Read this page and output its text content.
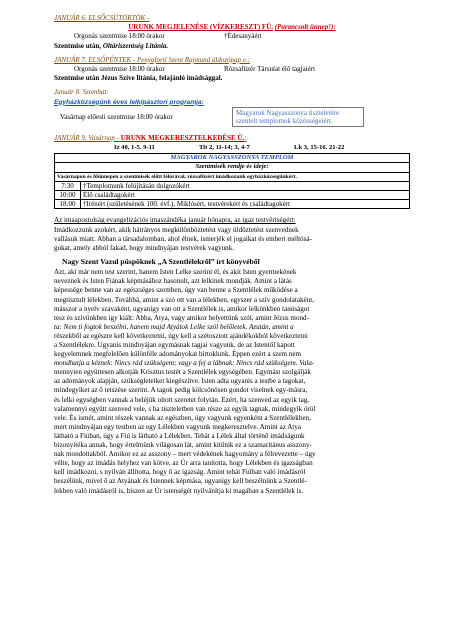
JANUÁR 6. ELSŐCSÜTÖRTÖK -
URUNK MEGJELENÉSE (VÍZKERESZT) FÜ. (Parancsolt ünnep!):
Orgonás szentmise 18:00 órakor	†Édesanyáért
Szentmise után, Oltáriszentség Litánia.
JANUÁR 7. ELSŐPÉNTEK - Penyafortí Szent Rajmund áldozópap e.:
Orgonás szentmise 18:00 órakor	Rózsafüzér Társulat élő tagjaiért
Szentmise után Jézus Szíve litánia, felajánló imádsággal.
Január 8. Szombat:
Egyházközségünk éves lelkipásztori programja:
Vasárnap előesti szentmise 18:00 órakor	Magyarok Nagyasszonya tiszteletére szentelt templomok közösségeiért.
JANUÁR 9. Vasárnap - URUNK MEGKERESZTELKEDÉSE Ü.:
Iz 40, 1-5. 9-11	Tit 2, 11-14; 3, 4-7	Lk 3, 15-16. 21-22
MAGYAROK NAGYASSZONYA TEMPLOM	
Szentmisék rendje és ideje:	
Vasárnapon és főünnepen a szentmisék előtt félórával, rózsafüzért imádkozunk egyházközségünkért.	
7:30	†Templomunk felújításán dolgozókért
10:00	Élő családtagokért
18:00	†Irénért (születésének 100. évf.), Miklósért, testvérekért és családtagokért
Az imaapostolság evangelizációs imaszándéka január hónapra, az igaz testvériségért:
Imádkozzunk azokért, akik hátrányos megkülönböztetést vagy üldöztetést szenvednek
vallásuk miatt. Abban a társadalomban, ahol élnek, ismerjék el jogaikat és emberi méltósá-
gukat, amely abból fakad, hogy mindnyájan testvérek vagyunk.
Nagy Szent Vazul püspöknek „A Szentlélekről” írt könyvéből
Azt, aki már nem test szerint, hanem Isten Lelke szerint él, és akit Isten gyermekének
neveznek és Isten Fiának képmásához hasonult, azt lelkinek mondják. Amint a látás
képessége benne van az egészséges szemben, úgy van benne a Szentlélek működése a
megtisztult lélekben. Továbbá, amint a szó ott van a lélekben, egyszer a szív gondolataként,
másszor a nyelv szavaként, ugyanígy van ott a Szentlélek is, amikor lelkünkben tanúságot
tesz és szívünkben így kiált: Abba, Atya, vagy amikor helyettünk szól, amint Jézus mond-
ta: Nem ti fogtok beszélni, hanem majd Atyátok Lelke szól belőletek. Azután, amint a
részekből az egészre kell következtetni, úgy kell a szétosztott ajándékokból következtetni
a Szentlélekre. Ugyanis mindnyájan egymásnak tagjai vagyunk, de az Istentől kapott
kegyelemnek megfelelően különféle adományokat birtoklunk. Éppen ezért a szem nem
mondhatja a kéznek: Nincs rád szükségem; vagy a fej a lábnak: Nincs rád szükségem. Vala-
mennyien együttesen alkotják Krisztus testét a Szentlélek egységében. Egymást szolgálják
az adományok alapján, szükségleteiket kiegészítve. Isten adta ugyanis a testbe a tagokat,
mindegyiket az ő tetszése szerint. A tagok pedig kölcsönösen gondot viselnek egy-másra,
és lelki egységben vannak a beléjük oltott szeretet folytán. Ezért, ha szenved az egyik tag,
valamennyi együtt szenved vele, s ha tiszteletben van része az egyik tagnak, mindegyik örül
vele. És ismét, amint részek vannak az egészben, úgy vagyunk egyenként a Szentlélekben,
mert mindnyájan egy testben az egy Lélekben vagyunk megkeresztelve. Amint az Atya
látható a Fiúban, úgy a Fiú is látható a Lélekben. Tehát a Lélek által történő imádságunk
bizonyítéka annak, hogy értelmünk világosan lát, amint kitűnik ez a szamaritánus asszony-
nak mondottakból. Amikor ez az asszony – mert védekének hagyomány a félrevezette – úgy
vélte, hogy az imádás helyhez van kötve, az Úr arra tanította, hogy Lélekben és igazságban
kell imádkozni, s nyilván állította, hogy ő az igazság. Amint tehát Fiúban való imádásról
beszélünk, mivel ő az Atyának és Istennek képmása, ugyanígy kell beszélnünk a Szentlé-
lekben való imádásról is, hiszen az Úr istenségét nyilvánítja ki magában a Szentlélek is.
